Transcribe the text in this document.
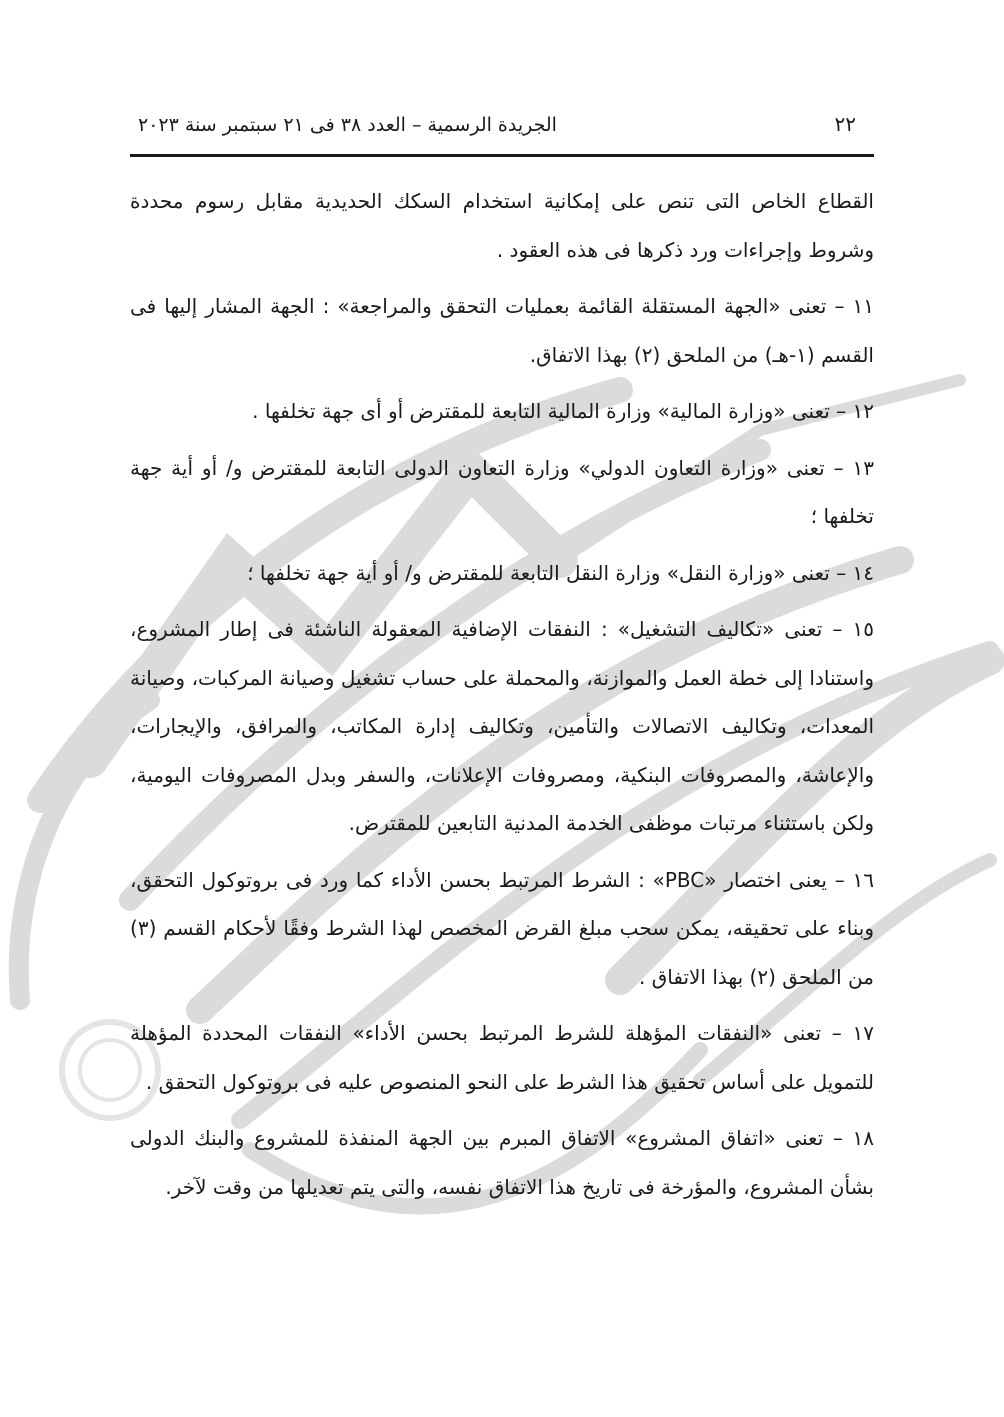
٢٢
الجريدة الرسمية – العدد ٣٨ فى ٢١ سبتمبر سنة ٢٠٢٣

القطاع الخاص التى تنص على إمكانية استخدام السكك الحديدية مقابل رسوم محددة وشروط وإجراءات ورد ذكرها فى هذه العقود .

١١ – تعنى «الجهة المستقلة القائمة بعمليات التحقق والمراجعة» : الجهة المشار إليها فى القسم (١-هـ) من الملحق (٢) بهذا الاتفاق.

١٢ – تعنى «وزارة المالية» وزارة المالية التابعة للمقترض أو أى جهة تخلفها .

١٣ – تعنى «وزارة التعاون الدولي» وزارة التعاون الدولى التابعة للمقترض و/ أو أية جهة تخلفها ؛

١٤ – تعنى «وزارة النقل» وزارة النقل التابعة للمقترض و/ أو أية جهة تخلفها ؛

١٥ – تعنى «تكاليف التشغيل» : النفقات الإضافية المعقولة الناشئة فى إطار المشروع، واستنادا إلى خطة العمل والموازنة، والمحملة على حساب تشغيل وصيانة المركبات، وصيانة المعدات، وتكاليف الاتصالات والتأمين، وتكاليف إدارة المكاتب، والمرافق، والإيجارات، والإعاشة، والمصروفات البنكية، ومصروفات الإعلانات، والسفر وبدل المصروفات اليومية، ولكن باستثناء مرتبات موظفى الخدمة المدنية التابعين للمقترض.

١٦ – يعنى اختصار «PBC» : الشرط المرتبط بحسن الأداء كما ورد فى بروتوكول التحقق، وبناء على تحقيقه، يمكن سحب مبلغ القرض المخصص لهذا الشرط وفقًا لأحكام القسم (٣) من الملحق (٢) بهذا الاتفاق .

١٧ – تعنى «النفقات المؤهلة للشرط المرتبط بحسن الأداء» النفقات المحددة المؤهلة للتمويل على أساس تحقيق هذا الشرط على النحو المنصوص عليه فى بروتوكول التحقق .

١٨ – تعنى «اتفاق المشروع» الاتفاق المبرم بين الجهة المنفذة للمشروع والبنك الدولى بشأن المشروع، والمؤرخة فى تاريخ هذا الاتفاق نفسه، والتى يتم تعديلها من وقت لآخر.
